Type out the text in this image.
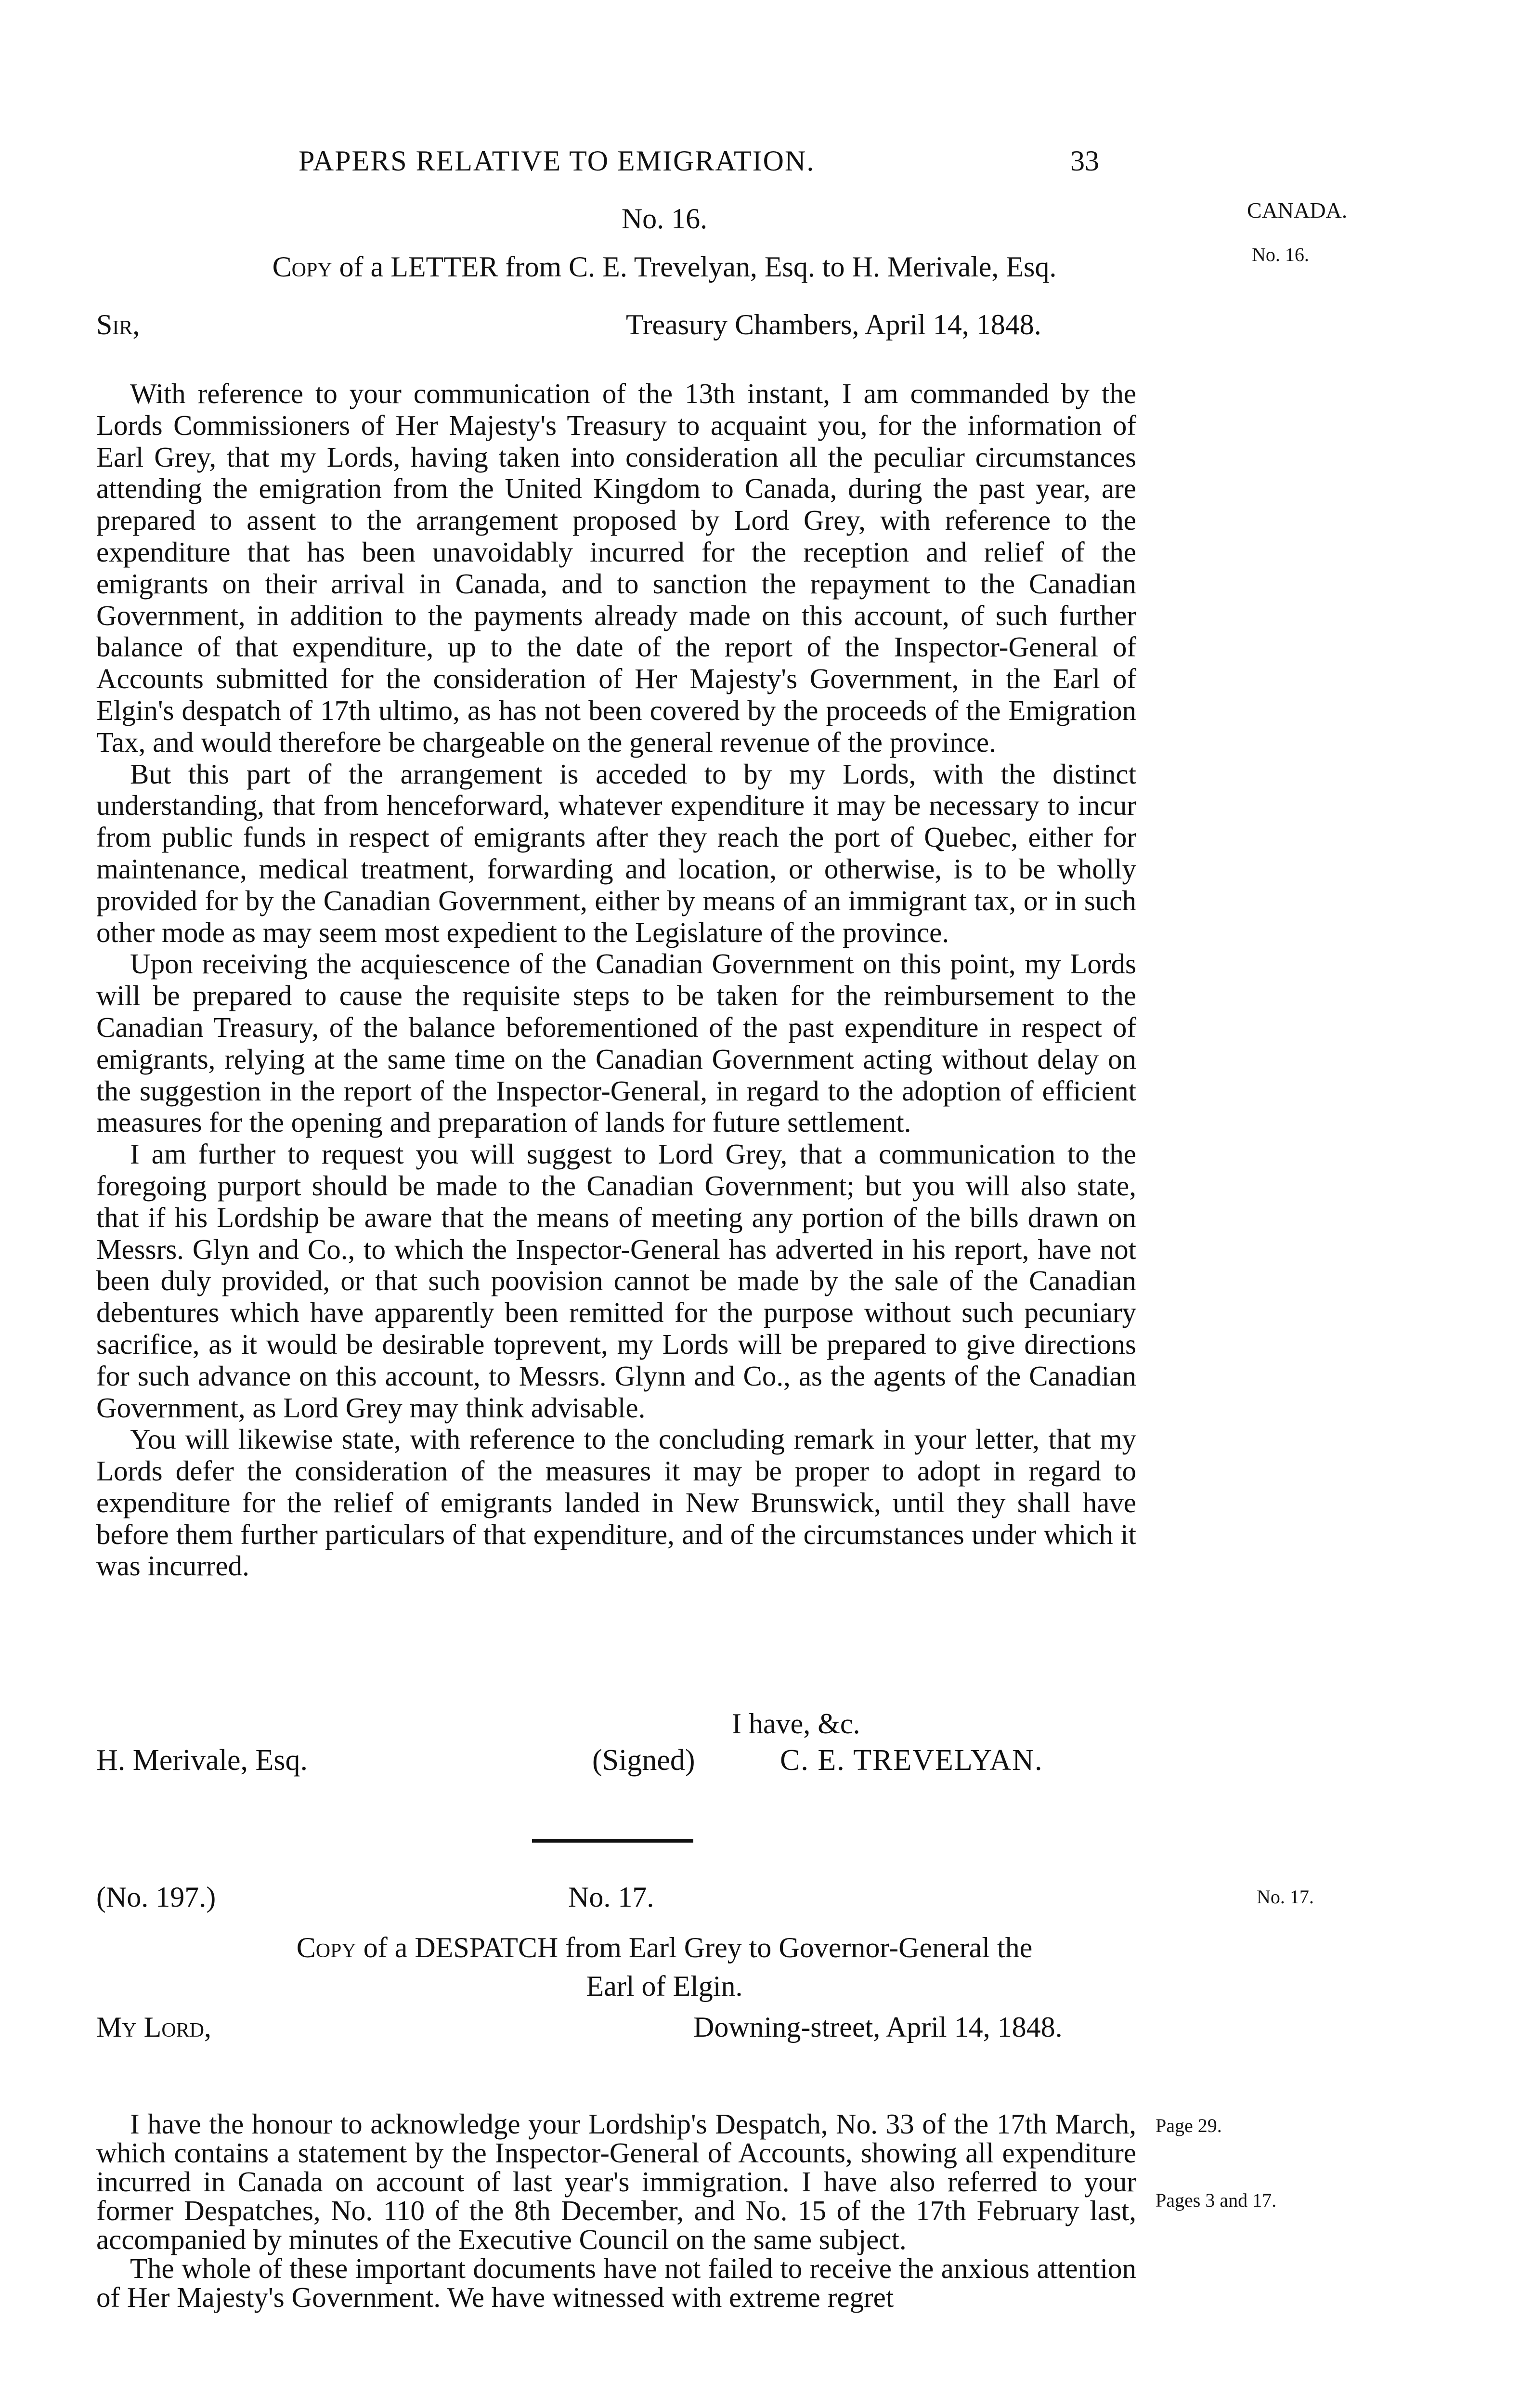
PAPERS RELATIVE TO EMIGRATION.	33
CANADA.
No. 16.
No. 17.
Page 29.
Pages 3 and 17.
No. 16.
Copy of a LETTER from C. E. Trevelyan, Esq. to H. Merivale, Esq.
Sir,	Treasury Chambers, April 14, 1848.

With reference to your communication of the 13th instant, I am commanded by the Lords Commissioners of Her Majesty's Treasury to acquaint you, for the information of Earl Grey, that my Lords, having taken into consideration all the peculiar circumstances attending the emigration from the United Kingdom to Canada, during the past year, are prepared to assent to the arrangement proposed by Lord Grey, with reference to the expenditure that has been unavoidably incurred for the reception and relief of the emigrants on their arrival in Canada, and to sanction the repayment to the Canadian Government, in addition to the payments already made on this account, of such further balance of that expenditure, up to the date of the report of the Inspector-General of Accounts submitted for the consideration of Her Majesty's Government, in the Earl of Elgin's despatch of 17th ultimo, as has not been covered by the proceeds of the Emigration Tax, and would therefore be chargeable on the general revenue of the province.

But this part of the arrangement is acceded to by my Lords, with the distinct understanding, that from henceforward, whatever expenditure it may be necessary to incur from public funds in respect of emigrants after they reach the port of Quebec, either for maintenance, medical treatment, forwarding and location, or otherwise, is to be wholly provided for by the Canadian Government, either by means of an immigrant tax, or in such other mode as may seem most expedient to the Legislature of the province.

Upon receiving the acquiescence of the Canadian Government on this point, my Lords will be prepared to cause the requisite steps to be taken for the reimbursement to the Canadian Treasury, of the balance beforementioned of the past expenditure in respect of emigrants, relying at the same time on the Canadian Government acting without delay on the suggestion in the report of the Inspector-General, in regard to the adoption of efficient measures for the opening and preparation of lands for future settlement.

I am further to request you will suggest to Lord Grey, that a communication to the foregoing purport should be made to the Canadian Government; but you will also state, that if his Lordship be aware that the means of meeting any portion of the bills drawn on Messrs. Glyn and Co., to which the Inspector-General has adverted in his report, have not been duly provided, or that such poovision cannot be made by the sale of the Canadian debentures which have apparently been remitted for the purpose without such pecuniary sacrifice, as it would be desirable toprevent, my Lords will be prepared to give directions for such advance on this account, to Messrs. Glynn and Co., as the agents of the Canadian Government, as Lord Grey may think advisable.

You will likewise state, with reference to the concluding remark in your letter, that my Lords defer the consideration of the measures it may be proper to adopt in regard to expenditure for the relief of emigrants landed in New Brunswick, until they shall have before them further particulars of that expenditure, and of the circumstances under which it was incurred.

I have, &c.
H. Merivale, Esq.	(Signed)	C. E. TREVELYAN.
(No. 197.)	No. 17.
Copy of a DESPATCH from Earl Grey to Governor-General the
Earl of Elgin.
My Lord,	Downing-street, April 14, 1848.

I have the honour to acknowledge your Lordship's Despatch, No. 33 of the 17th March, which contains a statement by the Inspector-General of Accounts, showing all expenditure incurred in Canada on account of last year's immigration. I have also referred to your former Despatches, No. 110 of the 8th December, and No. 15 of the 17th February last, accompanied by minutes of the Executive Council on the same subject.

The whole of these important documents have not failed to receive the anxious attention of Her Majesty's Government. We have witnessed with extreme regret
